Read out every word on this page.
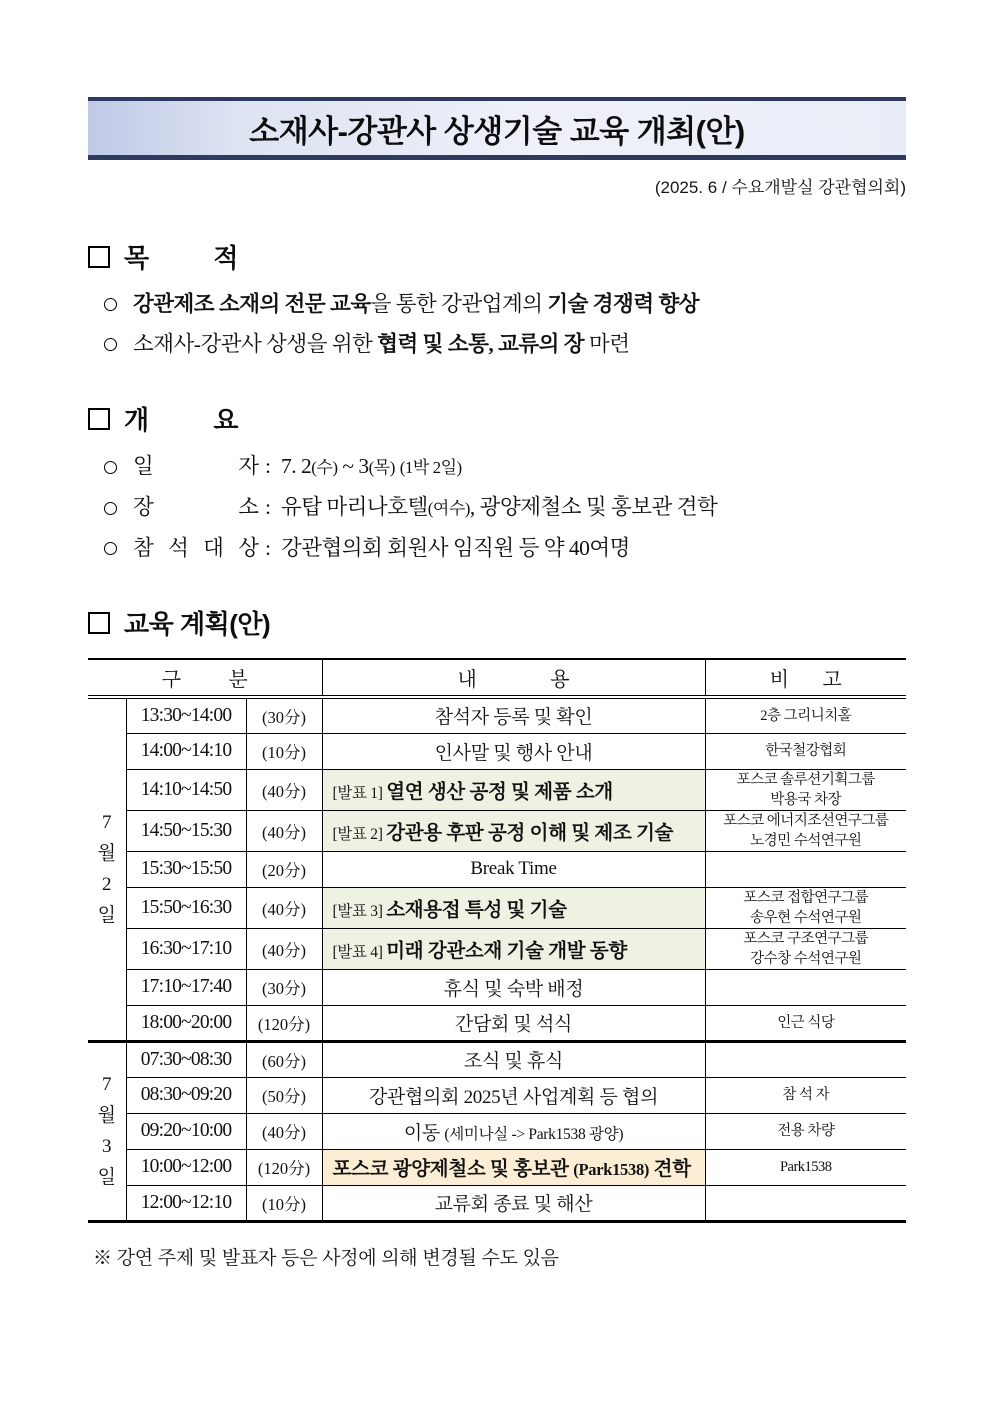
소재사-강관사 상생기술 교육 개최(안)
(2025. 6 / 수요개발실 강관협의회)
목 적
강관제조 소재의 전문 교육을 통한 강관업계의 기술 경쟁력 향상
소재사-강관사 상생을 위한 협력 및 소통, 교류의 장 마련
개 요
일	자 : 7. 2(수) ~ 3(목) (1박 2일)
장	소 : 유탑 마리나호텔(여수), 광양제철소 및 홍보관 견학
참 석 대 상 : 강관협의회 회원사 임직원 등 약 40여명
교육 계획(안)
구 분			내 용	비 고

7
월
2
일	13:30~14:00	(30分)	참석자 등록 및 확인	2층 그리니치홀

	14:00~14:10	(10分)	인사말 및 행사 안내	한국철강협회

	14:10~14:50	(40分)	[발표 1] 열연 생산 공정 및 제품 소개	포스코 솔루션기획그룹
박용국 차장

	14:50~15:30	(40分)	[발표 2] 강관용 후판 공정 이해 및 제조 기술	포스코 에너지조선연구그룹
노경민 수석연구원

	15:30~15:50	(20分)	Break Time	
	15:50~16:30	(40分)	[발표 3] 소재용접 특성 및 기술	포스코 접합연구그룹
송우현 수석연구원

	16:30~17:10	(40分)	[발표 4] 미래 강관소재 기술 개발 동향	포스코 구조연구그룹
강수창 수석연구원

	17:10~17:40	(30分)	휴식 및 숙박 배정	
	18:00~20:00	(120分)	간담회 및 석식	인근 식당

7
월
3
일	07:30~08:30	(60分)	조식 및 휴식	
	08:30~09:20	(50分)	강관협의회 2025년 사업계획 등 협의	참 석 자

	09:20~10:00	(40分)	이동 (세미나실 -> Park1538 광양)	전용 차량

	10:00~12:00	(120分)	포스코 광양제철소 및 홍보관 (Park1538) 견학	Park1538

	12:00~12:10	(10分)	교류회 종료 및 해산	
※ 강연 주제 및 발표자 등은 사정에 의해 변경될 수도 있음
